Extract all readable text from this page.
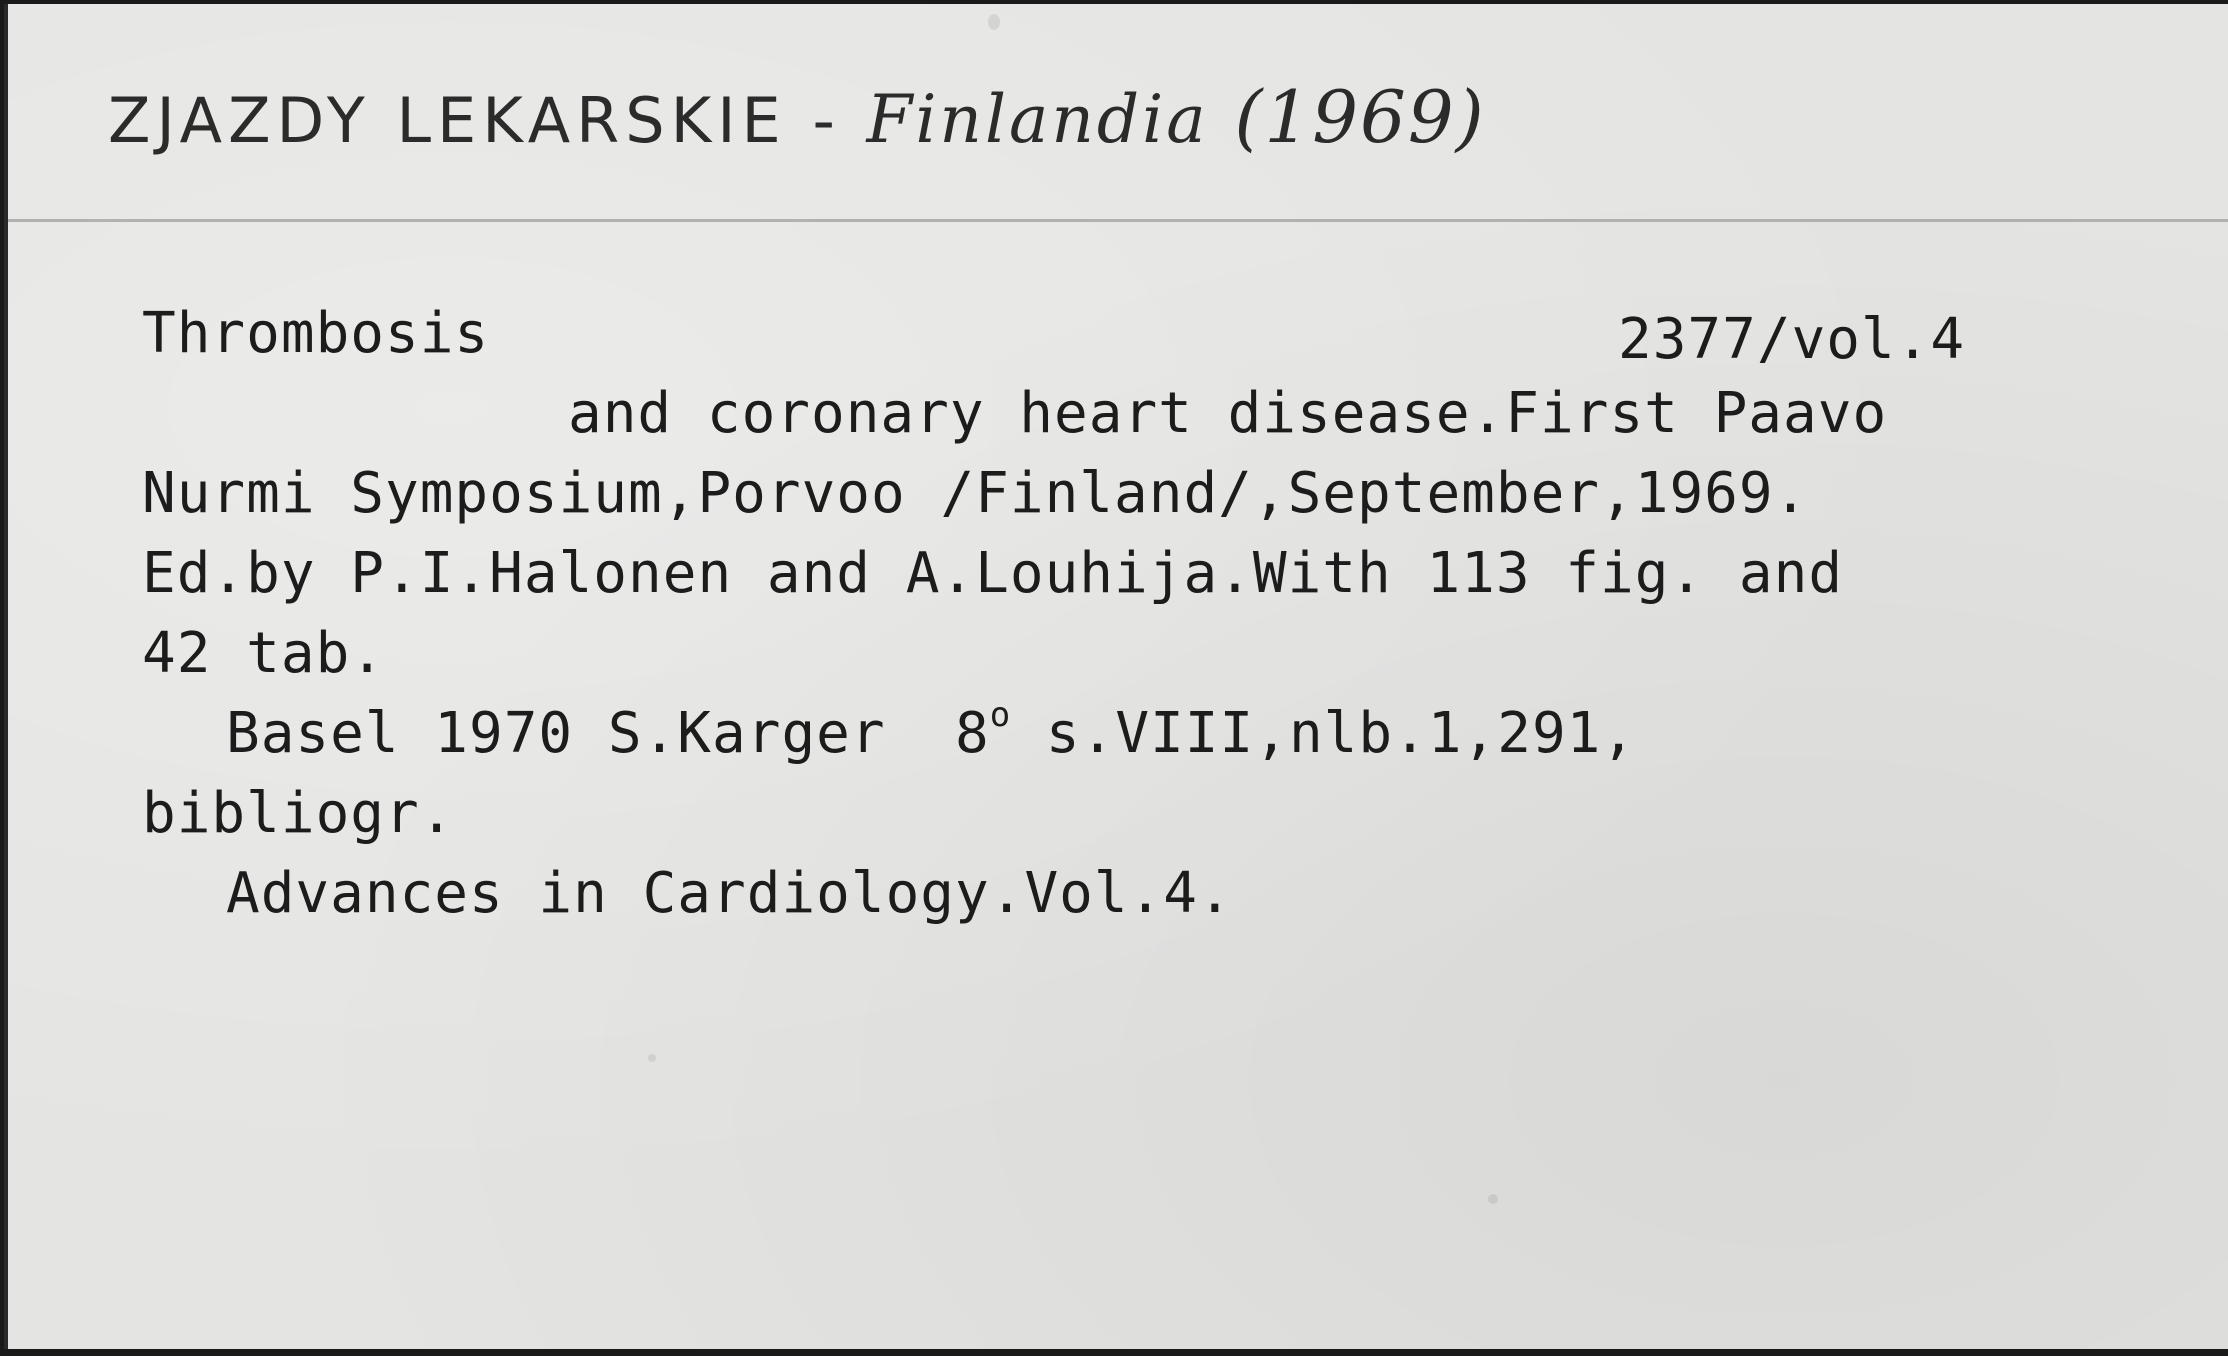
ZJAZDY LEKARSKIE - Finlandia (1969)
Thrombosis	2377/vol.4
and coronary heart disease.First Paavo
Nurmi Symposium,Porvoo /Finland/,September,1969.
Ed.by P.I.Halonen and A.Louhija.With 113 fig. and
42 tab.
Basel 1970 S.Karger  8$^o$ s.VIII,nlb.1,291,
bibliogr.
Advances in Cardiology.Vol.4.
